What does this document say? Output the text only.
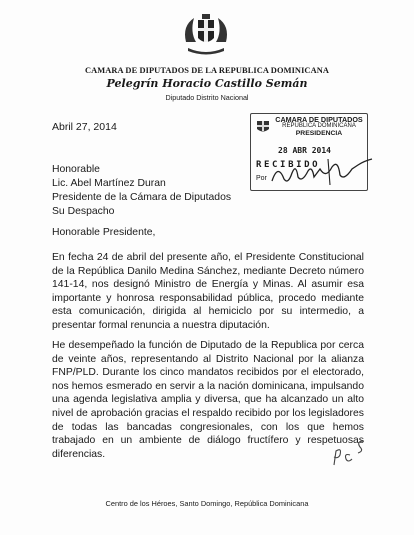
CAMARA DE DIPUTADOS DE LA REPUBLICA DOMINICANA
Pelegrín Horacio Castillo Semán
Diputado Distrito Nacional
Abril 27, 2014
CAMARA DE DIPUTADOS
REPUBLICA DOMINICANA
PRESIDENCIA
28 ABR 2014
RECIBIDO
Por
Honorable
Lic. Abel Martínez Duran
Presidente de la Cámara de Diputados
Su Despacho
Honorable Presidente,

En fecha 24 de abril del presente año, el Presidente Constitucional de la República Danilo Medina Sánchez, mediante Decreto número 141-14, nos designó Ministro de Energía y Minas. Al asumir esa importante y honrosa responsabilidad pública, procedo mediante esta comunicación, dirigida al hemiciclo por su intermedio, a presentar formal renuncia a nuestra diputación.

He desempeñado la función de Diputado de la Republica por cerca de veinte años, representando al Distrito Nacional por la alianza FNP/PLD. Durante los cinco mandatos recibidos por el electorado, nos hemos esmerado en servir a la nación dominicana, impulsando una agenda legislativa amplia y diversa, que ha alcanzado un alto nivel de aprobación gracias el respaldo recibido por los legisladores de todas las bancadas congresionales, con los que hemos trabajado en un ambiente de diálogo fructífero y respetuosas diferencias.

Centro de los Héroes, Santo Domingo, República Dominicana
